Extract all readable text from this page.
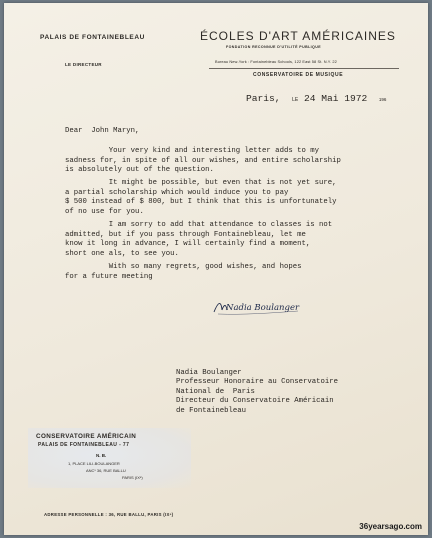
PALAIS DE FONTAINEBLEAU
LE DIRECTEUR
ÉCOLES D'ART AMÉRICAINES
FONDATION RECONNUE D'UTILITÉ PUBLIQUE
Bureau New-York : Fontainebleau Schools, 122 East 58 St. N.Y. 22
CONSERVATOIRE DE MUSIQUE
Paris, LE 24 Mai 1972	196

Dear  John Maryn,

Your very kind and interesting letter adds to my
sadness for, in spite of all our wishes, and entire scholarship
is absolutely out of the question.

It might be possible, but even that is not yet sure,
a partial scholarship which would induce you to pay
$ 500 instead of $ 800, but I think that this is unfortunately
of no use for you.

I am sorry to add that attendance to classes is not
admitted, but if you pass through Fontainebleau, let me
know it long in advance, I will certainly find a moment,
short one als, to see you.

With so many regrets, good wishes, and hopes
for a future meeting

Nadia Boulanger
Nadia Boulanger
Professeur Honoraire au Conservatoire
National de  Paris
Directeur du Conservatoire Américain
de Fontainebleau
CONSERVATOIRE AMÉRICAIN
PALAIS DE FONTAINEBLEAU - 77
N. B.
1, PLACE LILI-BOULANGER
ANCᵛ 36, RUE BALLU
PARIS (IXᵉ)
ADRESSE PERSONNELLE : 36, RUE BALLU, PARIS (IXᵉ)
36yearsago.com
